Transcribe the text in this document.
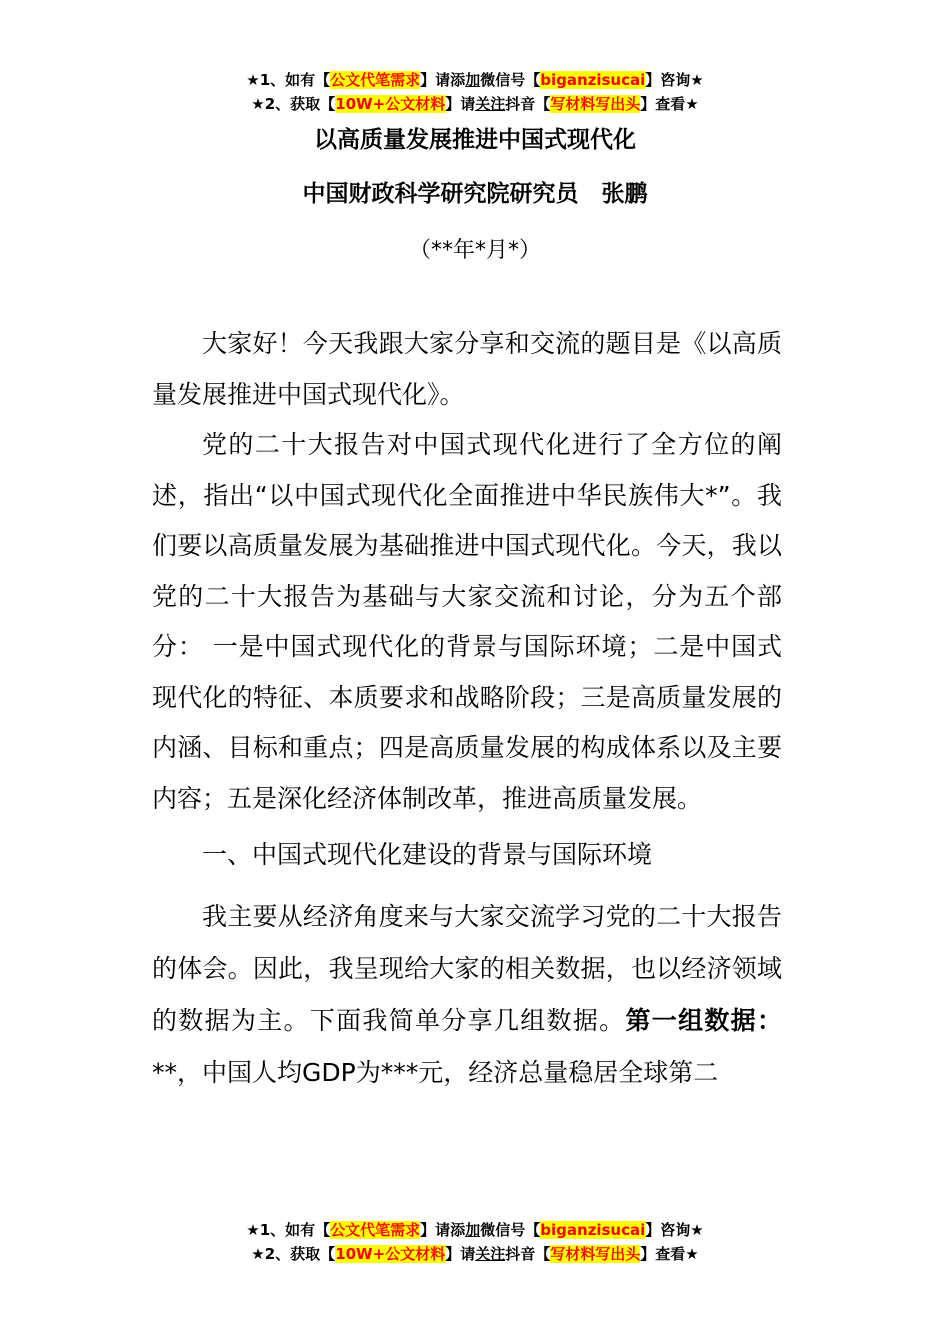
★1、如有【公文代笔需求】请添加微信号【biganzisucai】咨询★
★2、获取【10W+公文材料】请关注抖音【写材料写出头】查看★
以高质量发展推进中国式现代化
中国财政科学研究院研究员　张鹏
（**年*月*）

大家好！今天我跟大家分享和交流的题目是《以高质量发展推进中国式现代化》。

党的二十大报告对中国式现代化进行了全方位的阐述，指出“以中国式现代化全面推进中华民族伟大*”。我们要以高质量发展为基础推进中国式现代化。今天，我以党的二十大报告为基础与大家交流和讨论，分为五个部分： 一是中国式现代化的背景与国际环境；二是中国式现代化的特征、本质要求和战略阶段；三是高质量发展的内涵、目标和重点；四是高质量发展的构成体系以及主要内容；五是深化经济体制改革，推进高质量发展。

一、中国式现代化建设的背景与国际环境

我主要从经济角度来与大家交流学习党的二十大报告的体会。因此，我呈现给大家的相关数据，也以经济领域的数据为主。下面我简单分享几组数据。第一组数据：**，中国人均GDP为***元，经济总量稳居全球第二

★1、如有【公文代笔需求】请添加微信号【biganzisucai】咨询★
★2、获取【10W+公文材料】请关注抖音【写材料写出头】查看★
